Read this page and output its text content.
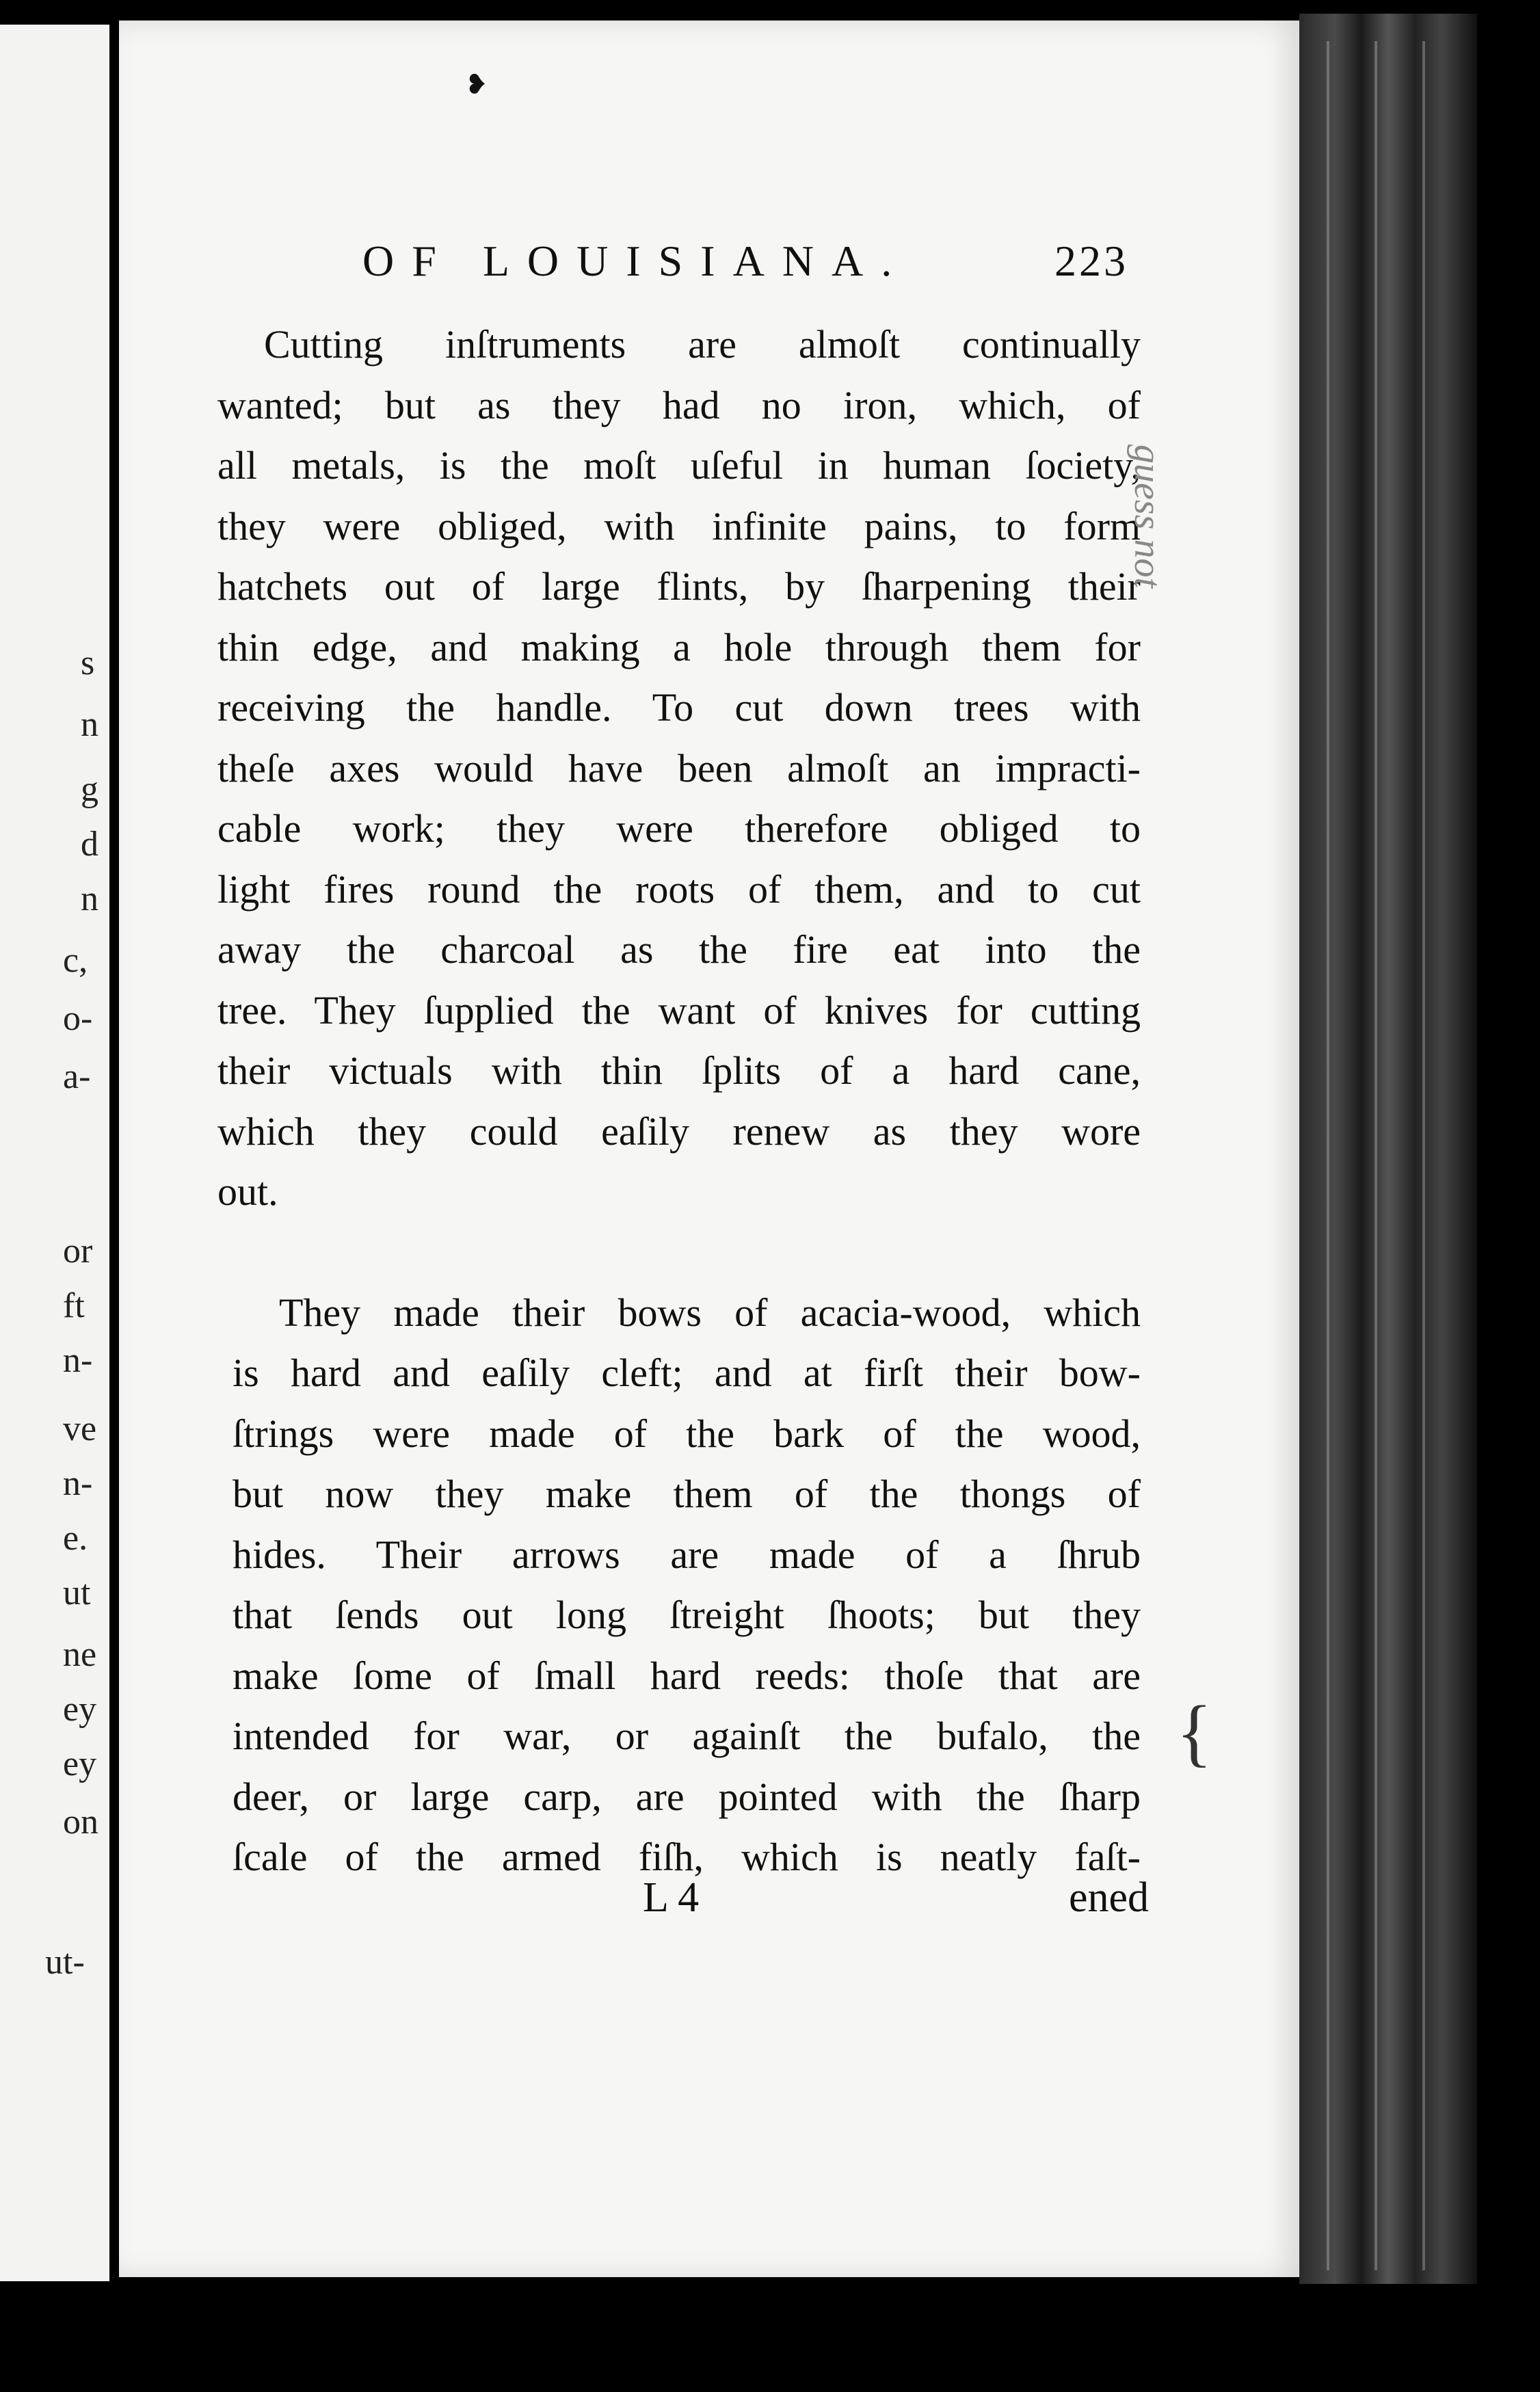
s
n
g
d
n
c,
o-
a-
or
ft
n-
ve
n-
e.
ut
ne
ey
ey
on
ut-
❥
OF LOUISIANA.	223
Cutting inſtruments are almoſt continually
wanted; but as they had no iron, which, of
all metals, is the moſt uſeful in human ſociety,
they were obliged, with infinite pains, to form
hatchets out of large flints, by ſharpening their
thin edge, and making a hole through them for
receiving the handle. To cut down trees with
theſe axes would have been almoſt an impracti-
cable work; they were therefore obliged to
light fires round the roots of them, and to cut
away the charcoal as the fire eat into the
tree. They ſupplied the want of knives for cutting
their victuals with thin ſplits of a hard cane,
which they could eaſily renew as they wore
out.
They made their bows of acacia-wood, which
is hard and eaſily cleft; and at firſt their bow-
ſtrings were made of the bark of the wood,
but now they make them of the thongs of
hides. Their arrows are made of a ſhrub
that ſends out long ſtreight ſhoots; but they
make ſome of ſmall hard reeds: thoſe that are
intended for war, or againſt the bufalo, the
deer, or large carp, are pointed with the ſharp
ſcale of the armed fiſh, which is neatly faſt-
L 4	ened
guess not
{
